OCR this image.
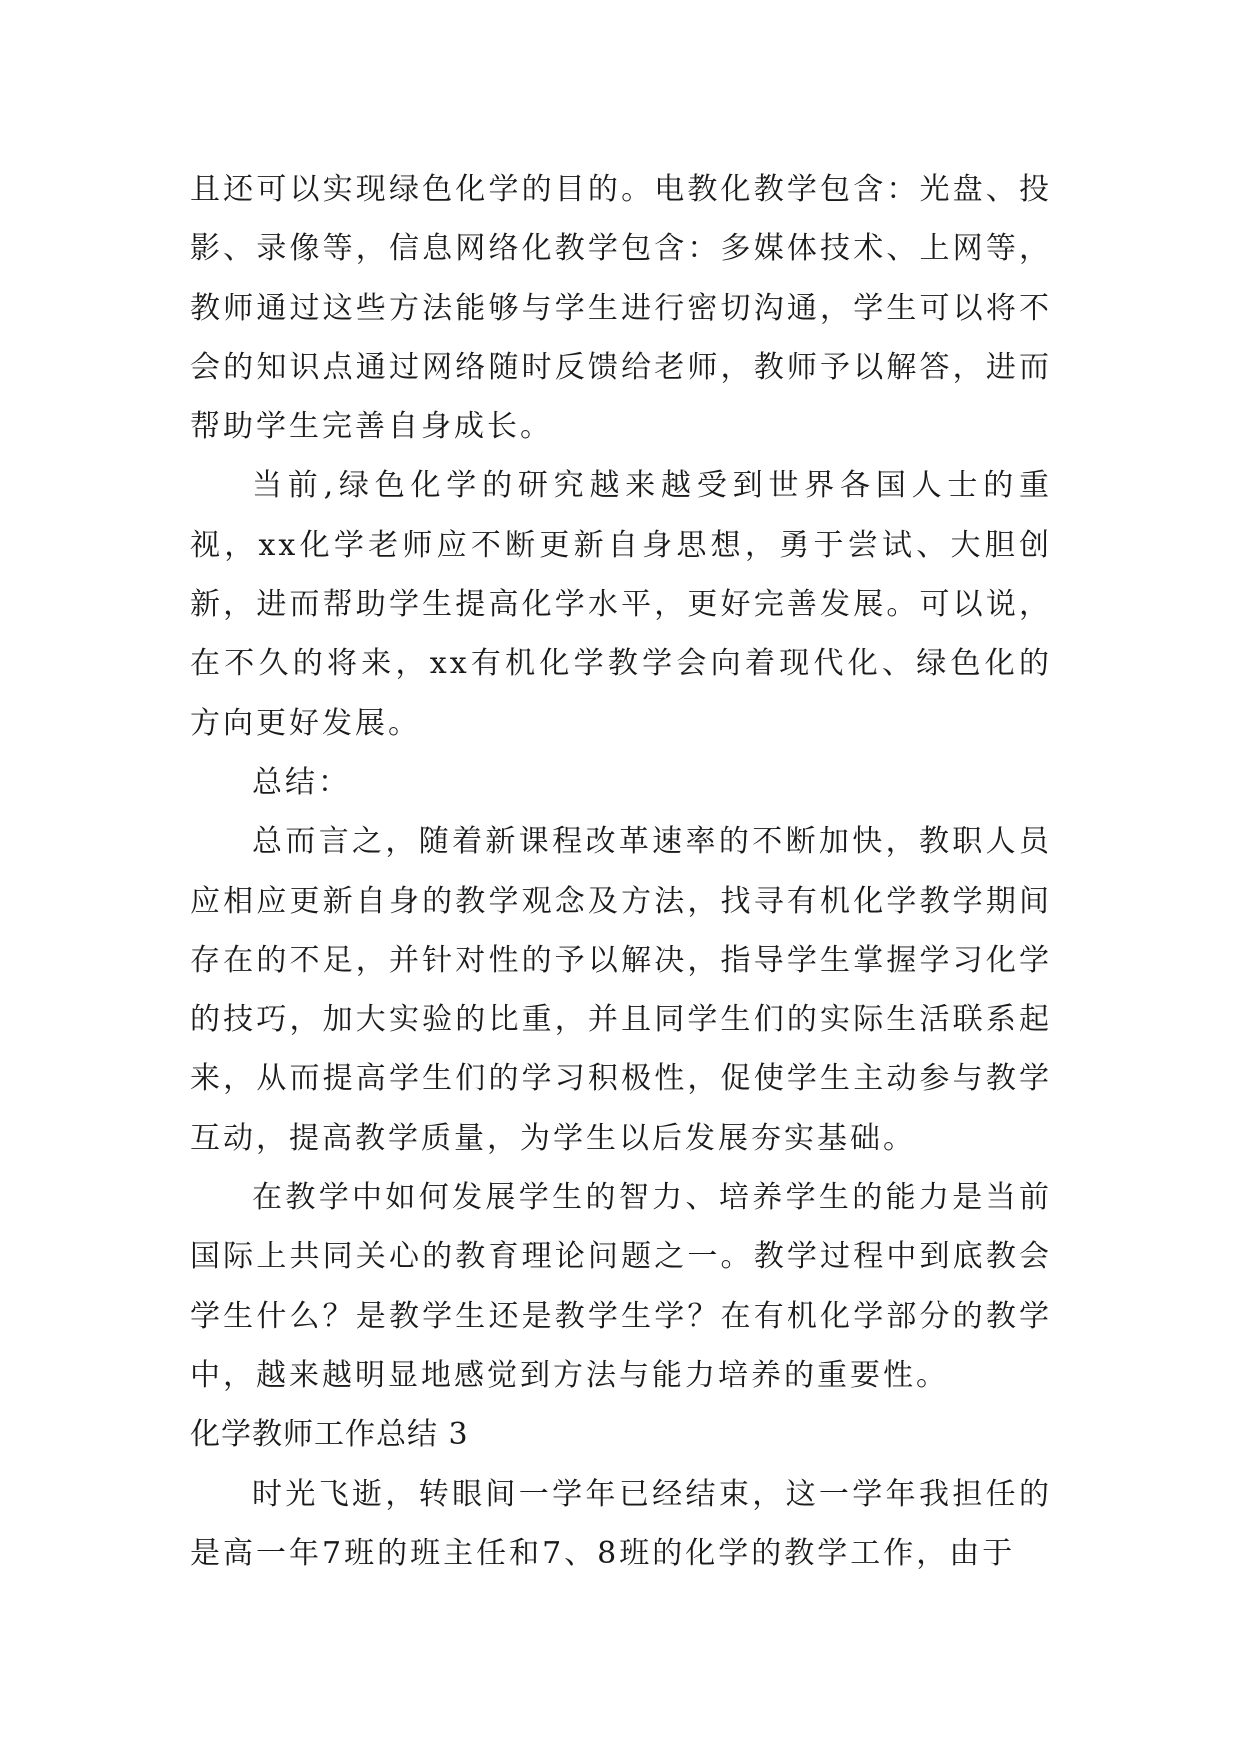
且还可以实现绿色化学的目的。电教化教学包含：光盘、投影、录像等，信息网络化教学包含：多媒体技术、上网等，教师通过这些方法能够与学生进行密切沟通，学生可以将不会的知识点通过网络随时反馈给老师，教师予以解答，进而帮助学生完善自身成长。

当前,绿色化学的研究越来越受到世界各国人士的重视，xx化学老师应不断更新自身思想，勇于尝试、大胆创新，进而帮助学生提高化学水平，更好完善发展。可以说，在不久的将来，xx有机化学教学会向着现代化、绿色化的方向更好发展。

总结：

总而言之，随着新课程改革速率的不断加快，教职人员应相应更新自身的教学观念及方法，找寻有机化学教学期间存在的不足，并针对性的予以解决，指导学生掌握学习化学的技巧，加大实验的比重，并且同学生们的实际生活联系起来，从而提高学生们的学习积极性，促使学生主动参与教学互动，提高教学质量，为学生以后发展夯实基础。

在教学中如何发展学生的智力、培养学生的能力是当前国际上共同关心的教育理论问题之一。教学过程中到底教会学生什么？是教学生还是教学生学？在有机化学部分的教学中，越来越明显地感觉到方法与能力培养的重要性。

化学教师工作总结 3

时光飞逝，转眼间一学年已经结束，这一学年我担任的是高一年7班的班主任和7、8班的化学的教学工作，由于
